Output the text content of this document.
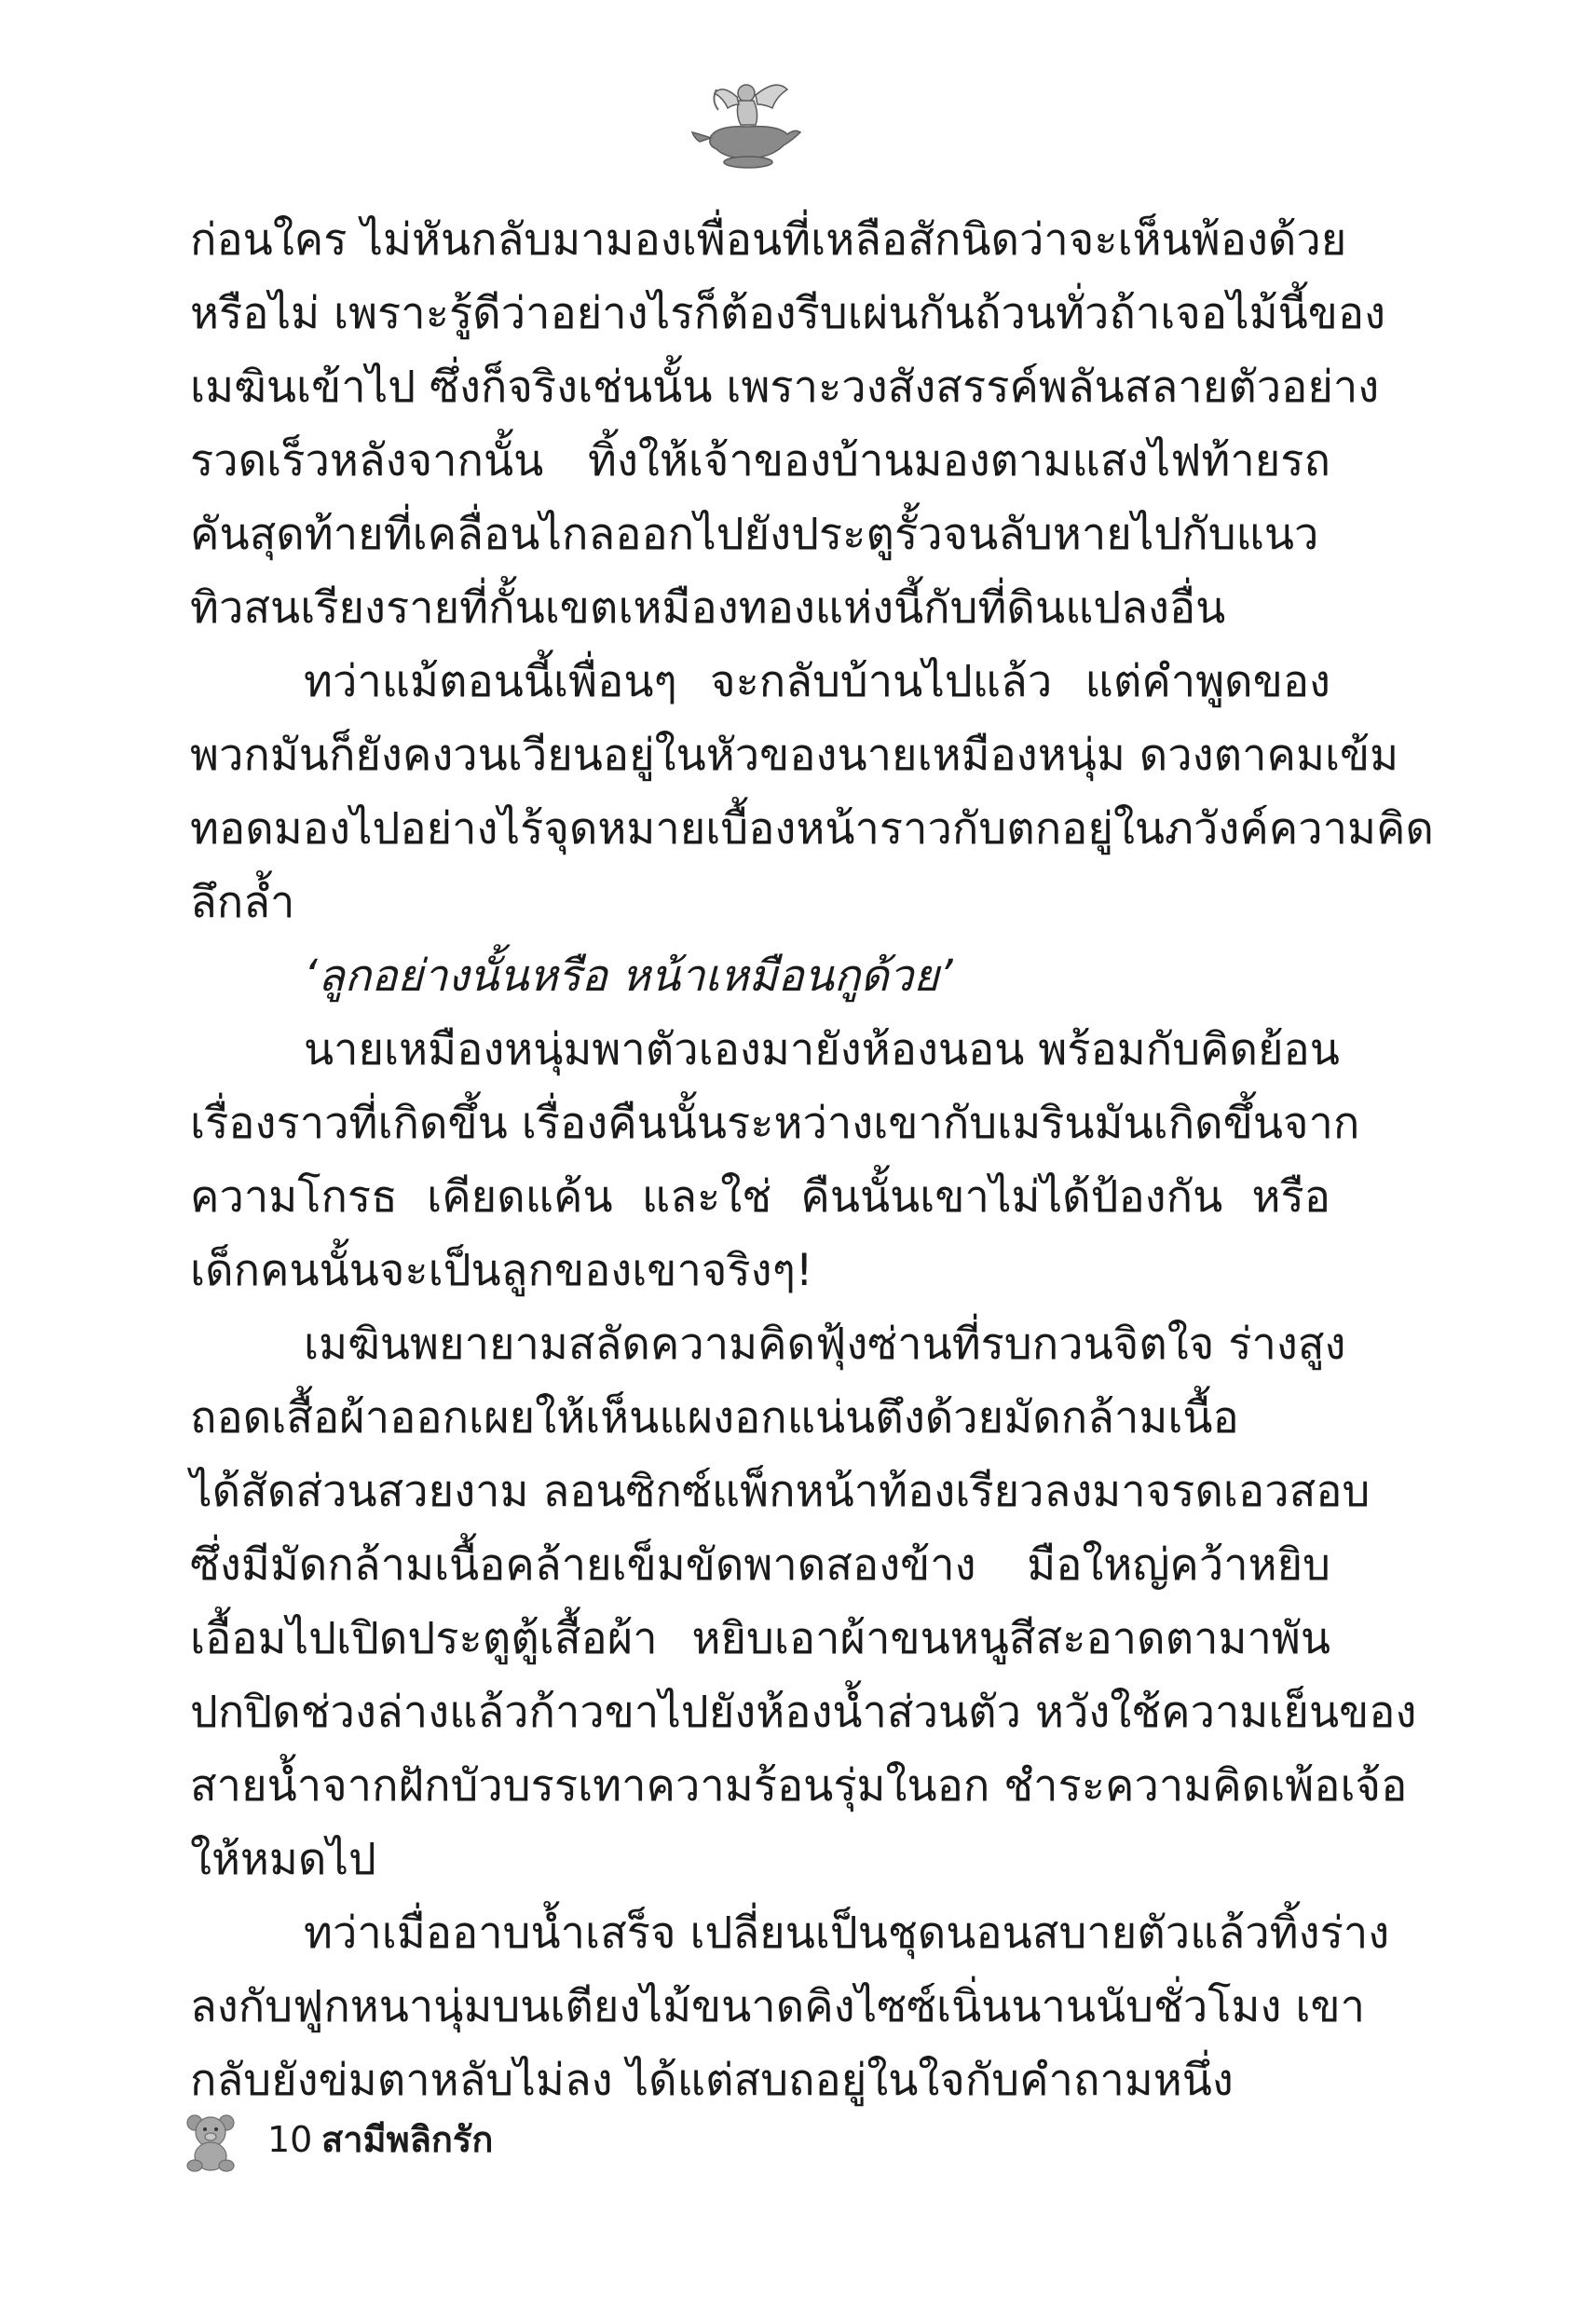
ก่อนใคร ไม่หันกลับมามองเพื่อนที่เหลือสักนิดว่าจะเห็นพ้องด้วย
หรือไม่ เพราะรู้ดีว่าอย่างไรก็ต้องรีบเผ่นกันถ้วนทั่วถ้าเจอไม้นี้ของ
เมฆินเข้าไป ซึ่งก็จริงเช่นนั้น เพราะวงสังสรรค์พลันสลายตัวอย่าง
รวดเร็วหลังจากนั้น ทิ้งให้เจ้าของบ้านมองตามแสงไฟท้ายรถ
คันสุดท้ายที่เคลื่อนไกลออกไปยังประตูรั้วจนลับหายไปกับแนว
ทิวสนเรียงรายที่กั้นเขตเหมืองทองแห่งนี้กับที่ดินแปลงอื่น
ทว่าแม้ตอนนี้เพื่อนๆ จะกลับบ้านไปแล้ว แต่คำพูดของ
พวกมันก็ยังคงวนเวียนอยู่ในหัวของนายเหมืองหนุ่ม ดวงตาคมเข้ม
ทอดมองไปอย่างไร้จุดหมายเบื้องหน้าราวกับตกอยู่ในภวังค์ความคิด
ลึกล้ำ
‘ลูกอย่างนั้นหรือ หน้าเหมือนกูด้วย’
นายเหมืองหนุ่มพาตัวเองมายังห้องนอน พร้อมกับคิดย้อน
เรื่องราวที่เกิดขึ้น เรื่องคืนนั้นระหว่างเขากับเมรินมันเกิดขึ้นจาก
ความโกรธ เคียดแค้น และใช่ คืนนั้นเขาไม่ได้ป้องกัน หรือ
เด็กคนนั้นจะเป็นลูกของเขาจริงๆ!
เมฆินพยายามสลัดความคิดฟุ้งซ่านที่รบกวนจิตใจ ร่างสูง
ถอดเสื้อผ้าออกเผยให้เห็นแผงอกแน่นตึงด้วยมัดกล้ามเนื้อ
ได้สัดส่วนสวยงาม ลอนซิกซ์แพ็กหน้าท้องเรียวลงมาจรดเอวสอบ
ซึ่งมีมัดกล้ามเนื้อคล้ายเข็มขัดพาดสองข้าง มือใหญ่คว้าหยิบ
เอื้อมไปเปิดประตูตู้เสื้อผ้า หยิบเอาผ้าขนหนูสีสะอาดตามาพัน
ปกปิดช่วงล่างแล้วก้าวขาไปยังห้องน้ำส่วนตัว หวังใช้ความเย็นของ
สายน้ำจากฝักบัวบรรเทาความร้อนรุ่มในอก ชำระความคิดเพ้อเจ้อ
ให้หมดไป
ทว่าเมื่ออาบน้ำเสร็จ เปลี่ยนเป็นชุดนอนสบายตัวแล้วทิ้งร่าง
ลงกับฟูกหนานุ่มบนเตียงไม้ขนาดคิงไซซ์เนิ่นนานนับชั่วโมง เขา
กลับยังข่มตาหลับไม่ลง ได้แต่สบถอยู่ในใจกับคำถามหนึ่ง
10 สามีพลิกรัก
